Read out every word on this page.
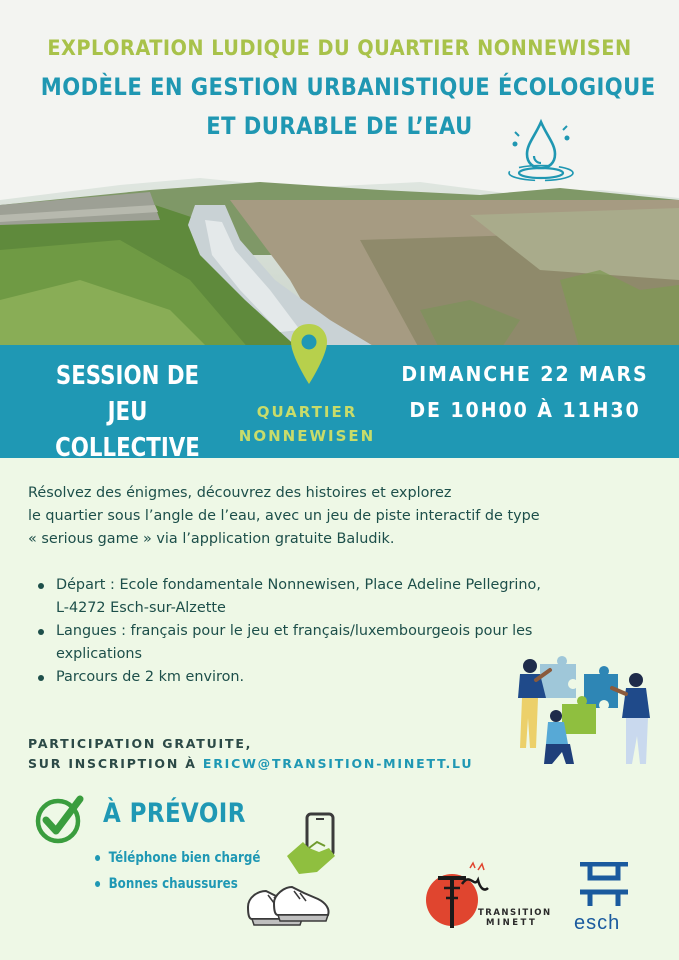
EXPLORATION LUDIQUE DU QUARTIER NONNEWISEN
MODÈLE EN GESTION URBANISTIQUE ÉCOLOGIQUE
ET DURABLE DE L’EAU
SESSION DE JEU
COLLECTIVE
QUARTIER
NONNEWISEN
DIMANCHE 22 MARS
DE 10H00 À 11H30
Résolvez des énigmes, découvrez des histoires et explorez
le quartier sous l’angle de l’eau, avec un jeu de piste interactif de type
« serious game » via l’application gratuite Baludik.
Départ : Ecole fondamentale Nonnewisen, Place Adeline Pellegrino,
L-4272 Esch-sur-Alzette
Langues : français pour le jeu et français/luxembourgeois pour les
explications
Parcours de 2 km environ.
PARTICIPATION GRATUITE,
SUR INSCRIPTION À ERICW@TRANSITION-MINETT.LU
À PRÉVOIR
Téléphone bien chargé
Bonnes chaussures
TRANSITION
MINETT	esch
